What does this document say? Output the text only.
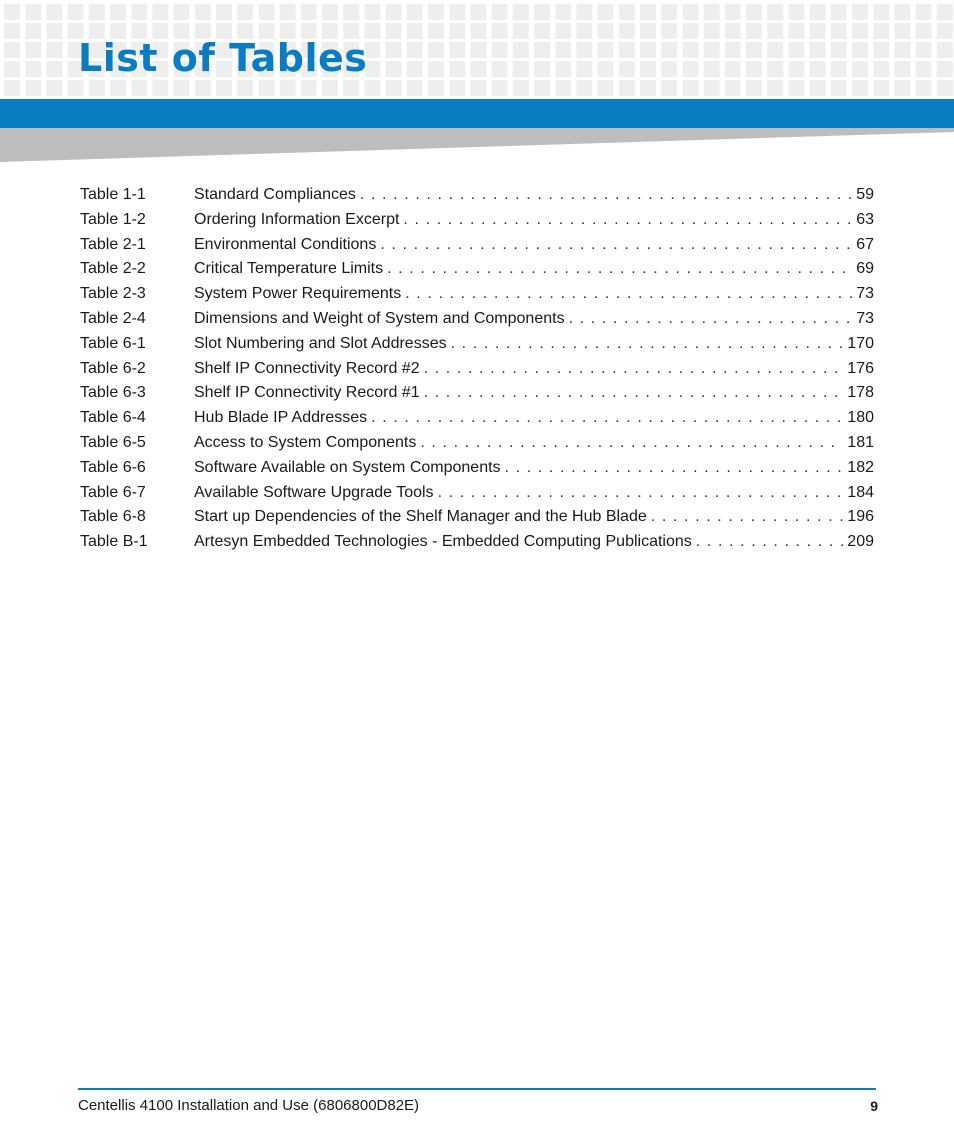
List of Tables
Table 1-1	Standard Compliances . . .	59
Table 1-2	Ordering Information Excerpt . . .	63
Table 2-1	Environmental Conditions . . .	67
Table 2-2	Critical Temperature Limits . . .	69
Table 2-3	System Power Requirements . . .	73
Table 2-4	Dimensions and Weight of System and Components . . .	73
Table 6-1	Slot Numbering and Slot Addresses . . .	170
Table 6-2	Shelf IP Connectivity Record #2 . . .	176
Table 6-3	Shelf IP Connectivity Record #1 . . .	178
Table 6-4	Hub Blade IP Addresses . . .	180
Table 6-5	Access to System Components . . .	181
Table 6-6	Software Available on System Components . . .	182
Table 6-7	Available Software Upgrade Tools . . .	184
Table 6-8	Start up Dependencies of the Shelf Manager and the Hub Blade . . .	196
Table B-1	Artesyn Embedded Technologies - Embedded Computing Publications . . .	209
Centellis 4100 Installation and Use (6806800D82E)	9
